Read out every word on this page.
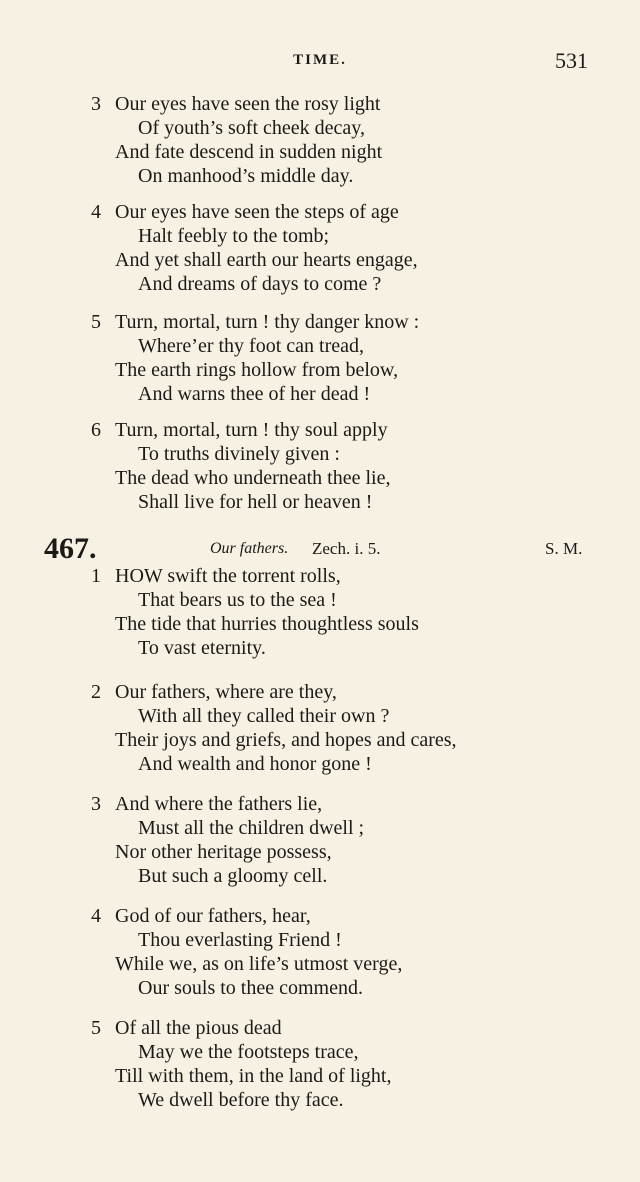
TIME.	531
3 Our eyes have seen the rosy light
Of youth’s soft cheek decay,
And fate descend in sudden night
On manhood’s middle day.
4 Our eyes have seen the steps of age
Halt feebly to the tomb;
And yet shall earth our hearts engage,
And dreams of days to come ?
5 Turn, mortal, turn ! thy danger know :
Where’er thy foot can tread,
The earth rings hollow from below,
And warns thee of her dead !
6 Turn, mortal, turn ! thy soul apply
To truths divinely given :
The dead who underneath thee lie,
Shall live for hell or heaven !
467.	Our fathers. Zech. i. 5.	S. M.
1 HOW swift the torrent rolls,
That bears us to the sea !
The tide that hurries thoughtless souls
To vast eternity.
2 Our fathers, where are they,
With all they called their own ?
Their joys and griefs, and hopes and cares,
And wealth and honor gone !
3 And where the fathers lie,
Must all the children dwell ;
Nor other heritage possess,
But such a gloomy cell.
4 God of our fathers, hear,
Thou everlasting Friend !
While we, as on life’s utmost verge,
Our souls to thee commend.
5 Of all the pious dead
May we the footsteps trace,
Till with them, in the land of light,
We dwell before thy face.
